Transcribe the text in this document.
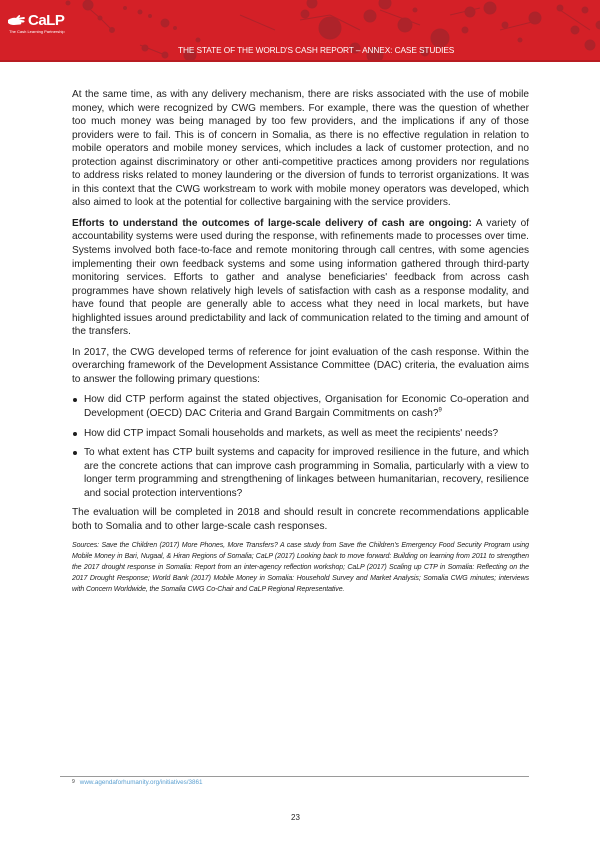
CaLP
The Cash Learning Partnership
THE STATE OF THE WORLD'S CASH REPORT – ANNEX: CASE STUDIES

At the same time, as with any delivery mechanism, there are risks associated with the use of mobile money, which were recognized by CWG members. For example, there was the question of whether too much money was being managed by too few providers, and the implications if any of those providers were to fail. This is of concern in Somalia, as there is no effective regulation in relation to mobile operators and mobile money services, which includes a lack of customer protection, and no protection against discriminatory or other anti-competitive practices among providers nor regulations to address risks related to money laundering or the diversion of funds to terrorist organizations. It was in this context that the CWG workstream to work with mobile money operators was developed, which also aimed to look at the potential for collective bargaining with the service providers.

Efforts to understand the outcomes of large-scale delivery of cash are ongoing: A variety of accountability systems were used during the response, with refinements made to processes over time. Systems involved both face-to-face and remote monitoring through call centres, with some agencies implementing their own feedback systems and some using information gathered through third-party monitoring services. Efforts to gather and analyse beneficiaries' feedback from across cash programmes have shown relatively high levels of satisfaction with cash as a response modality, and have found that people are generally able to access what they need in local markets, but have highlighted issues around predictability and lack of communication related to the timing and amount of the transfers.

In 2017, the CWG developed terms of reference for joint evaluation of the cash response. Within the overarching framework of the Development Assistance Committee (DAC) criteria, the evaluation aims to answer the following primary questions:

How did CTP perform against the stated objectives, Organisation for Economic Co-operation and Development (OECD) DAC Criteria and Grand Bargain Commitments on cash?$^9$
How did CTP impact Somali households and markets, as well as meet the recipients' needs?
To what extent has CTP built systems and capacity for improved resilience in the future, and which are the concrete actions that can improve cash programming in Somalia, particularly with a view to longer term programming and strengthening of linkages between humanitarian, recovery, resilience and social protection interventions?

The evaluation will be completed in 2018 and should result in concrete recommendations applicable both to Somalia and to other large-scale cash responses.

Sources: Save the Children (2017) More Phones, More Transfers? A case study from Save the Children's Emergency Food Security Program using Mobile Money in Bari, Nugaal, & Hiran Regions of Somalia; CaLP (2017) Looking back to move forward: Building on learning from 2011 to strengthen the 2017 drought response in Somalia: Report from an inter-agency reflection workshop; CaLP (2017) Scaling up CTP in Somalia: Reflecting on the 2017 Drought Response; World Bank (2017) Mobile Money in Somalia: Household Survey and Market Analysis; Somalia CWG minutes; interviews with Concern Worldwide, the Somalia CWG Co-Chair and CaLP Regional Representative.

9 www.agendaforhumanity.org/initiatives/3861
23
